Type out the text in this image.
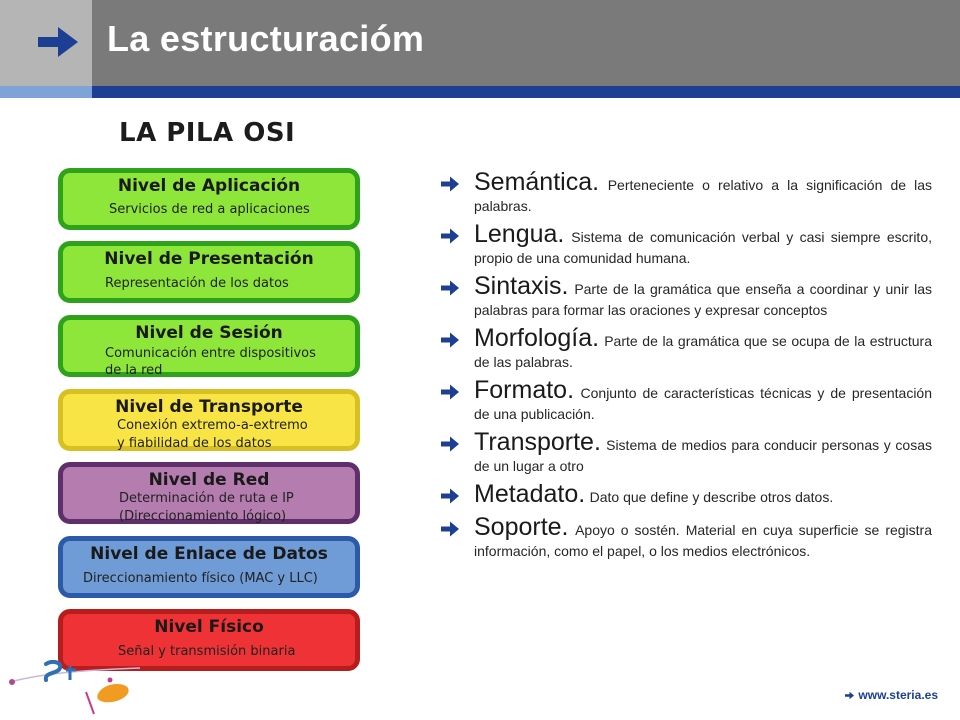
La estructuracióm
LA PILA OSI
Nivel de Aplicación
Servicios de red a aplicaciones
Nivel de Presentación
Representación de los datos
Nivel de Sesión
Comunicación entre dispositivos
de la red
Nivel de Transporte
Conexión extremo-a-extremo
y fiabilidad de los datos
Nivel de Red
Determinación de ruta e IP
(Direccionamiento lógico)
Nivel de Enlace de Datos
Direccionamiento físico (MAC y LLC)
Nivel Físico
Señal y transmisión binaria
Semántica. Perteneciente o relativo a la significación de las palabras.
Lengua. Sistema de comunicación verbal y casi siempre escrito, propio de una comunidad humana.
Sintaxis. Parte de la gramática que enseña a coordinar y unir las palabras para formar las oraciones y expresar conceptos
Morfología. Parte de la gramática que se ocupa de la estructura de las palabras.
Formato. Conjunto de características técnicas y de presentación de una publicación.
Transporte. Sistema de medios para conducir personas y cosas de un lugar a otro
Metadato. Dato que define y describe otros datos.
Soporte. Apoyo o sostén. Material en cuya superficie se registra información, como el papel, o los medios electrónicos.
www.steria.es
